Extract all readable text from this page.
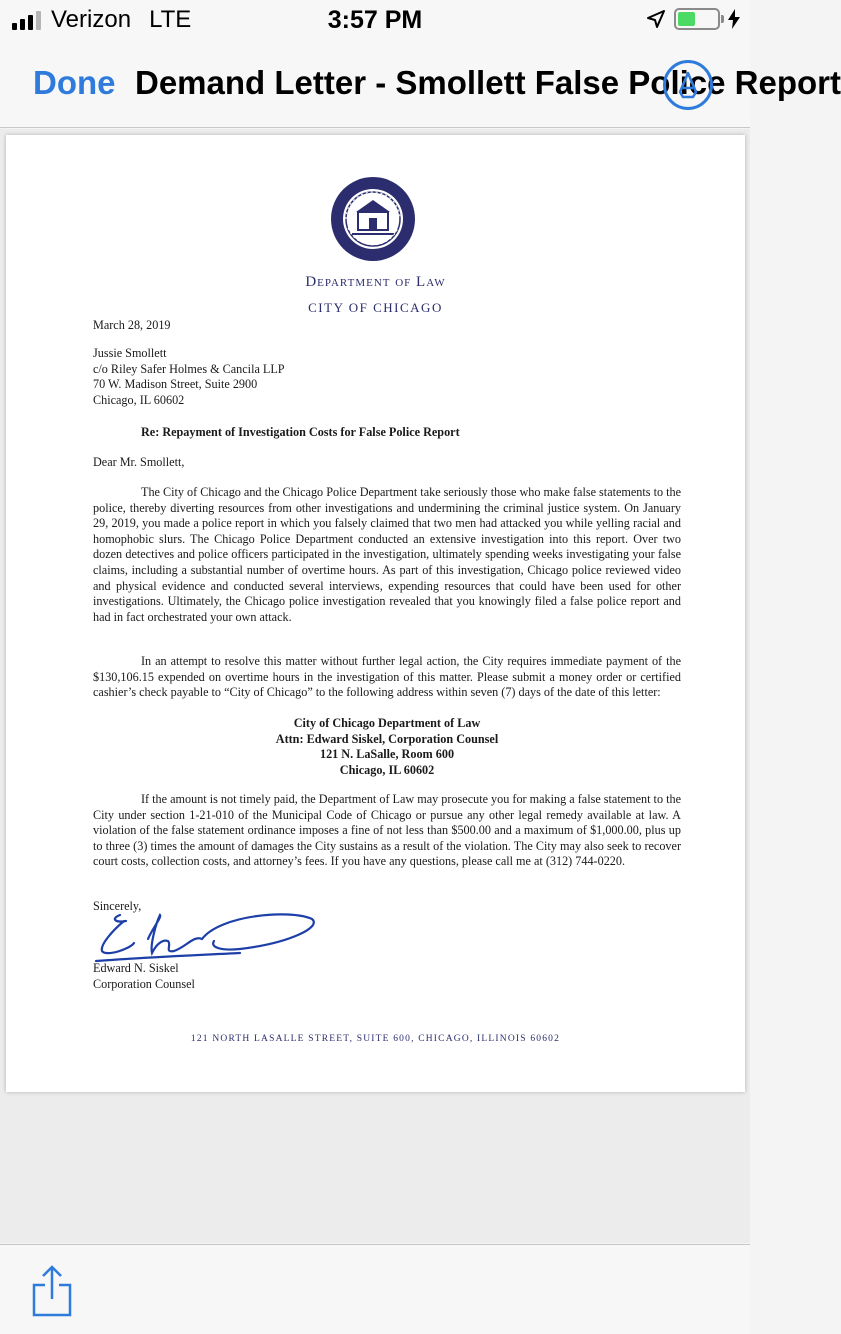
Verizon LTE	3:57 PM
Done Demand Letter - Smollett False Police Report
Department of Law
CITY OF CHICAGO
March 28, 2019
Jussie Smollett
c/o Riley Safer Holmes & Cancila LLP
70 W. Madison Street, Suite 2900
Chicago, IL 60602
Re: Repayment of Investigation Costs for False Police Report
Dear Mr. Smollett,
The City of Chicago and the Chicago Police Department take seriously those who make false statements to the police, thereby diverting resources from other investigations and undermining the criminal justice system. On January 29, 2019, you made a police report in which you falsely claimed that two men had attacked you while yelling racial and homophobic slurs. The Chicago Police Department conducted an extensive investigation into this report. Over two dozen detectives and police officers participated in the investigation, ultimately spending weeks investigating your false claims, including a substantial number of overtime hours. As part of this investigation, Chicago police reviewed video and physical evidence and conducted several interviews, expending resources that could have been used for other investigations. Ultimately, the Chicago police investigation revealed that you knowingly filed a false police report and had in fact orchestrated your own attack.
In an attempt to resolve this matter without further legal action, the City requires immediate payment of the $130,106.15 expended on overtime hours in the investigation of this matter. Please submit a money order or certified cashier’s check payable to “City of Chicago” to the following address within seven (7) days of the date of this letter:
City of Chicago Department of Law
Attn: Edward Siskel, Corporation Counsel
121 N. LaSalle, Room 600
Chicago, IL 60602
If the amount is not timely paid, the Department of Law may prosecute you for making a false statement to the City under section 1-21-010 of the Municipal Code of Chicago or pursue any other legal remedy available at law. A violation of the false statement ordinance imposes a fine of not less than $500.00 and a maximum of $1,000.00, plus up to three (3) times the amount of damages the City sustains as a result of the violation. The City may also seek to recover court costs, collection costs, and attorney’s fees. If you have any questions, please call me at (312) 744-0220.
Sincerely,
Edward N. Siskel
Corporation Counsel
121 NORTH LASALLE STREET, SUITE 600, CHICAGO, ILLINOIS 60602
